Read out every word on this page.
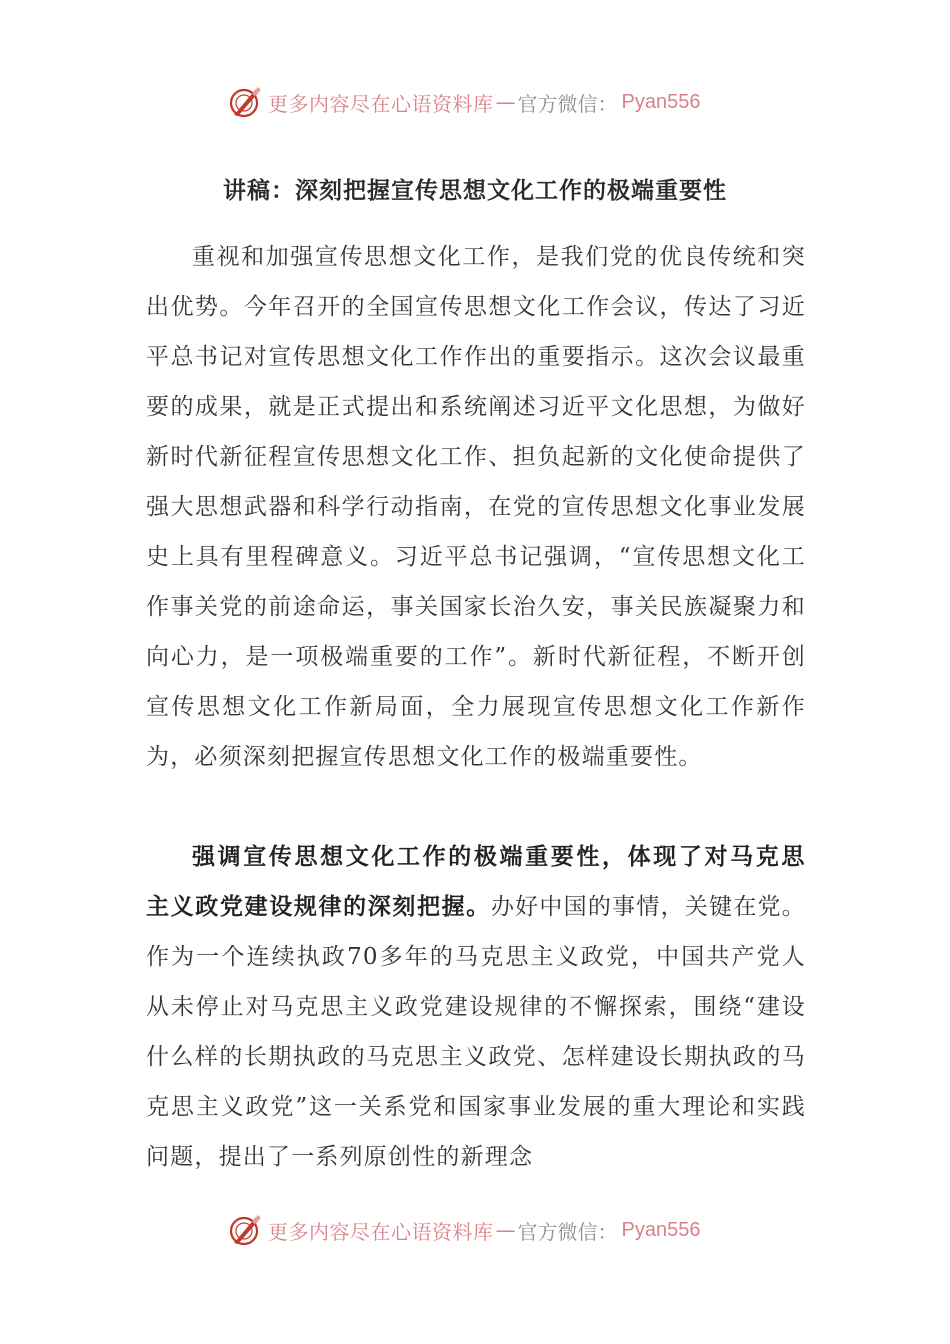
更多内容尽在心语资料库 — 官方微信： Pyan556
讲稿：深刻把握宣传思想文化工作的极端重要性

重视和加强宣传思想文化工作，是我们党的优良传统和突出优势。今年召开的全国宣传思想文化工作会议，传达了习近平总书记对宣传思想文化工作作出的重要指示。这次会议最重要的成果，就是正式提出和系统阐述习近平文化思想，为做好新时代新征程宣传思想文化工作、担负起新的文化使命提供了强大思想武器和科学行动指南，在党的宣传思想文化事业发展史上具有里程碑意义。习近平总书记强调，“宣传思想文化工作事关党的前途命运，事关国家长治久安，事关民族凝聚力和向心力，是一项极端重要的工作”。新时代新征程，不断开创宣传思想文化工作新局面，全力展现宣传思想文化工作新作为，必须深刻把握宣传思想文化工作的极端重要性。

强调宣传思想文化工作的极端重要性，体现了对马克思主义政党建设规律的深刻把握。办好中国的事情，关键在党。作为一个连续执政70多年的马克思主义政党，中国共产党人从未停止对马克思主义政党建设规律的不懈探索，围绕“建设什么样的长期执政的马克思主义政党、怎样建设长期执政的马克思主义政党”这一关系党和国家事业发展的重大理论和实践问题，提出了一系列原创性的新理念

更多内容尽在心语资料库 — 官方微信： Pyan556
